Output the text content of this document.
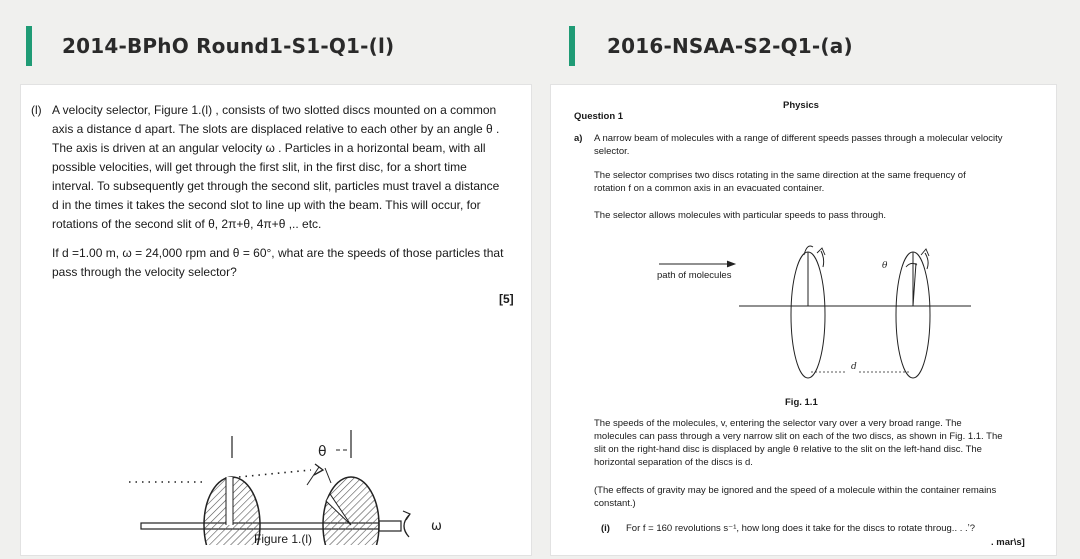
2014-BPhO Round1-S1-Q1-(l)	2016-NSAA-S2-Q1-(a)
(l) A velocity selector, Figure 1.(l) , consists of two slotted discs mounted on a common
axis a distance d apart. The slots are displaced relative to each other by an angle θ .
The axis is driven at an angular velocity ω . Particles in a horizontal beam, with all
possible velocities, will get through the first slit, in the first disc, for a short time
interval. To subsequently get through the second slit, particles must travel a distance
d in the times it takes the second slot to line up with the beam. This will occur, for
rotations of the second slit of θ, 2π+θ, 4π+θ ,.. etc.
If d =1.00 m, ω = 24,000 rpm and θ = 60°, what are the speeds of those particles that
pass through the velocity selector?
[5]
θ
ω
Figure 1.(l)
Physics
Question 1
a) A narrow beam of molecules with a range of different speeds passes through a molecular velocity
selector.
The selector comprises two discs rotating in the same direction at the same frequency of
rotation f on a common axis in an evacuated container.
The selector allows molecules with particular speeds to pass through.
path of molecules
θ
d
Fig. 1.1
The speeds of the molecules, v, entering the selector vary over a very broad range. The
molecules can pass through a very narrow slit on each of the two discs, as shown in Fig. 1.1. The
slit on the right-hand disc is displaced by angle θ relative to the slit on the left-hand disc. The
horizontal separation of the discs is d.
(The effects of gravity may be ignored and the speed of a molecule within the container remains
constant.)
(i) For f = 160 revolutions s⁻¹, how long does it take for the discs to rotate throug.. . .ʼ?
. mar\s]
